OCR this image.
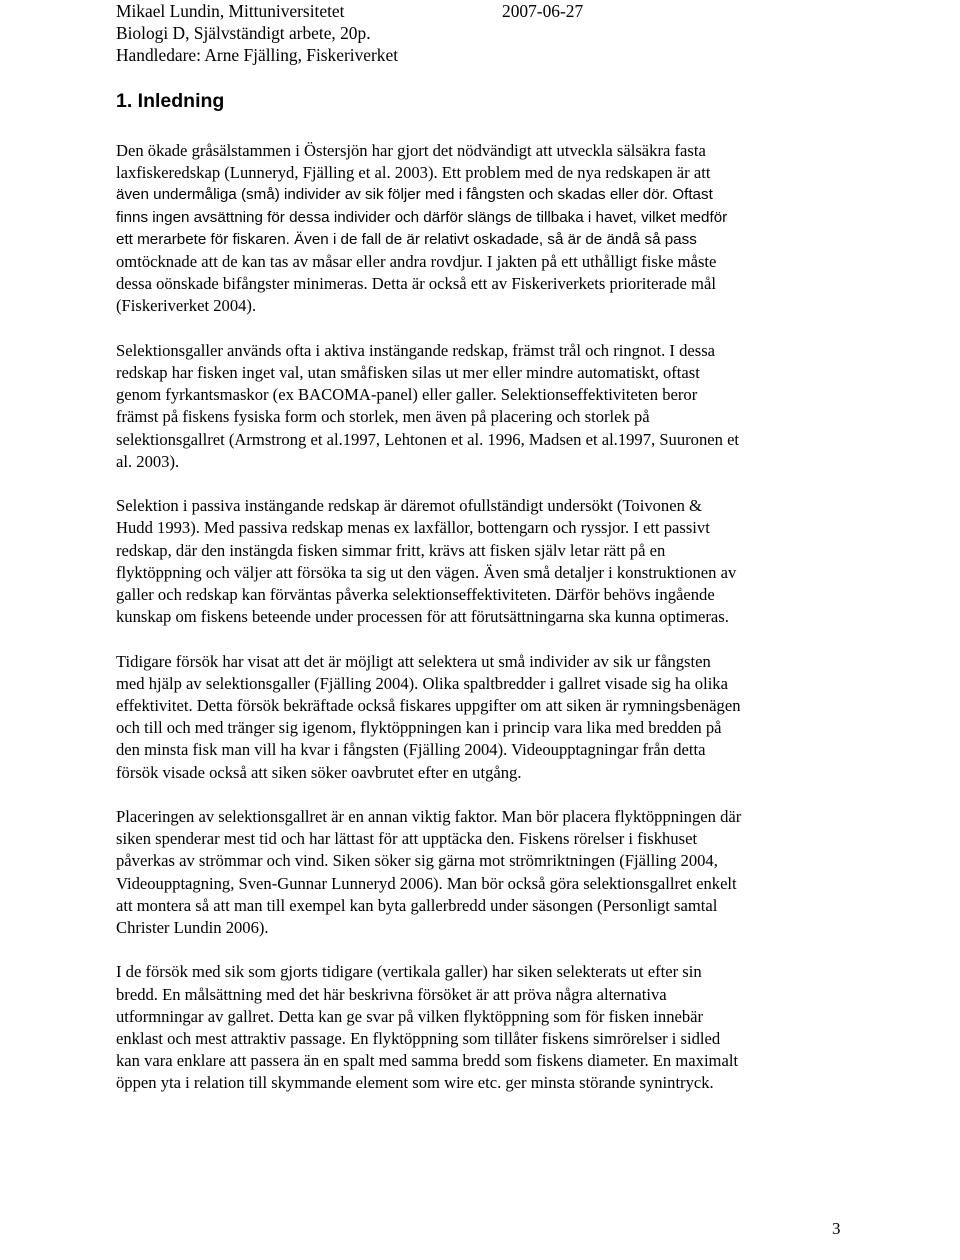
Mikael Lundin, Mittuniversitetet
Biologi D, Självständigt arbete, 20p.
Handledare: Arne Fjälling, Fiskeriverket
2007-06-27
1. Inledning

Den ökade gråsälstammen i Östersjön har gjort det nödvändigt att utveckla sälsäkra fasta
laxfiskeredskap (Lunneryd, Fjälling et al. 2003). Ett problem med de nya redskapen är att
även undermåliga (små) individer av sik följer med i fångsten och skadas eller dör. Oftast
finns ingen avsättning för dessa individer och därför slängs de tillbaka i havet, vilket medför
ett merarbete för fiskaren. Även i de fall de är relativt oskadade, så är de ändå så pass
omtöcknade att de kan tas av måsar eller andra rovdjur. I jakten på ett uthålligt fiske måste
dessa oönskade bifångster minimeras. Detta är också ett av Fiskeriverkets prioriterade mål
(Fiskeriverket 2004).

Selektionsgaller används ofta i aktiva instängande redskap, främst trål och ringnot. I dessa
redskap har fisken inget val, utan småfisken silas ut mer eller mindre automatiskt, oftast
genom fyrkantsmaskor (ex BACOMA-panel) eller galler. Selektionseffektiviteten beror
främst på fiskens fysiska form och storlek, men även på placering och storlek på
selektionsgallret (Armstrong et al.1997, Lehtonen et al. 1996, Madsen et al.1997, Suuronen et
al. 2003).

Selektion i passiva instängande redskap är däremot ofullständigt undersökt (Toivonen &
Hudd 1993). Med passiva redskap menas ex laxfällor, bottengarn och ryssjor. I ett passivt
redskap, där den instängda fisken simmar fritt, krävs att fisken själv letar rätt på en
flyktöppning och väljer att försöka ta sig ut den vägen. Även små detaljer i konstruktionen av
galler och redskap kan förväntas påverka selektionseffektiviteten. Därför behövs ingående
kunskap om fiskens beteende under processen för att förutsättningarna ska kunna optimeras.

Tidigare försök har visat att det är möjligt att selektera ut små individer av sik ur fångsten
med hjälp av selektionsgaller (Fjälling 2004). Olika spaltbredder i gallret visade sig ha olika
effektivitet. Detta försök bekräftade också fiskares uppgifter om att siken är rymningsbenägen
och till och med tränger sig igenom, flyktöppningen kan i princip vara lika med bredden på
den minsta fisk man vill ha kvar i fångsten (Fjälling 2004). Videoupptagningar från detta
försök visade också att siken söker oavbrutet efter en utgång.

Placeringen av selektionsgallret är en annan viktig faktor. Man bör placera flyktöppningen där
siken spenderar mest tid och har lättast för att upptäcka den. Fiskens rörelser i fiskhuset
påverkas av strömmar och vind. Siken söker sig gärna mot strömriktningen (Fjälling 2004,
Videoupptagning, Sven-Gunnar Lunneryd 2006). Man bör också göra selektionsgallret enkelt
att montera så att man till exempel kan byta gallerbredd under säsongen (Personligt samtal
Christer Lundin 2006).

I de försök med sik som gjorts tidigare (vertikala galler) har siken selekterats ut efter sin
bredd. En målsättning med det här beskrivna försöket är att pröva några alternativa
utformningar av gallret. Detta kan ge svar på vilken flyktöppning som för fisken innebär
enklast och mest attraktiv passage. En flyktöppning som tillåter fiskens simrörelser i sidled
kan vara enklare att passera än en spalt med samma bredd som fiskens diameter. En maximalt
öppen yta i relation till skymmande element som wire etc. ger minsta störande synintryck.

3
